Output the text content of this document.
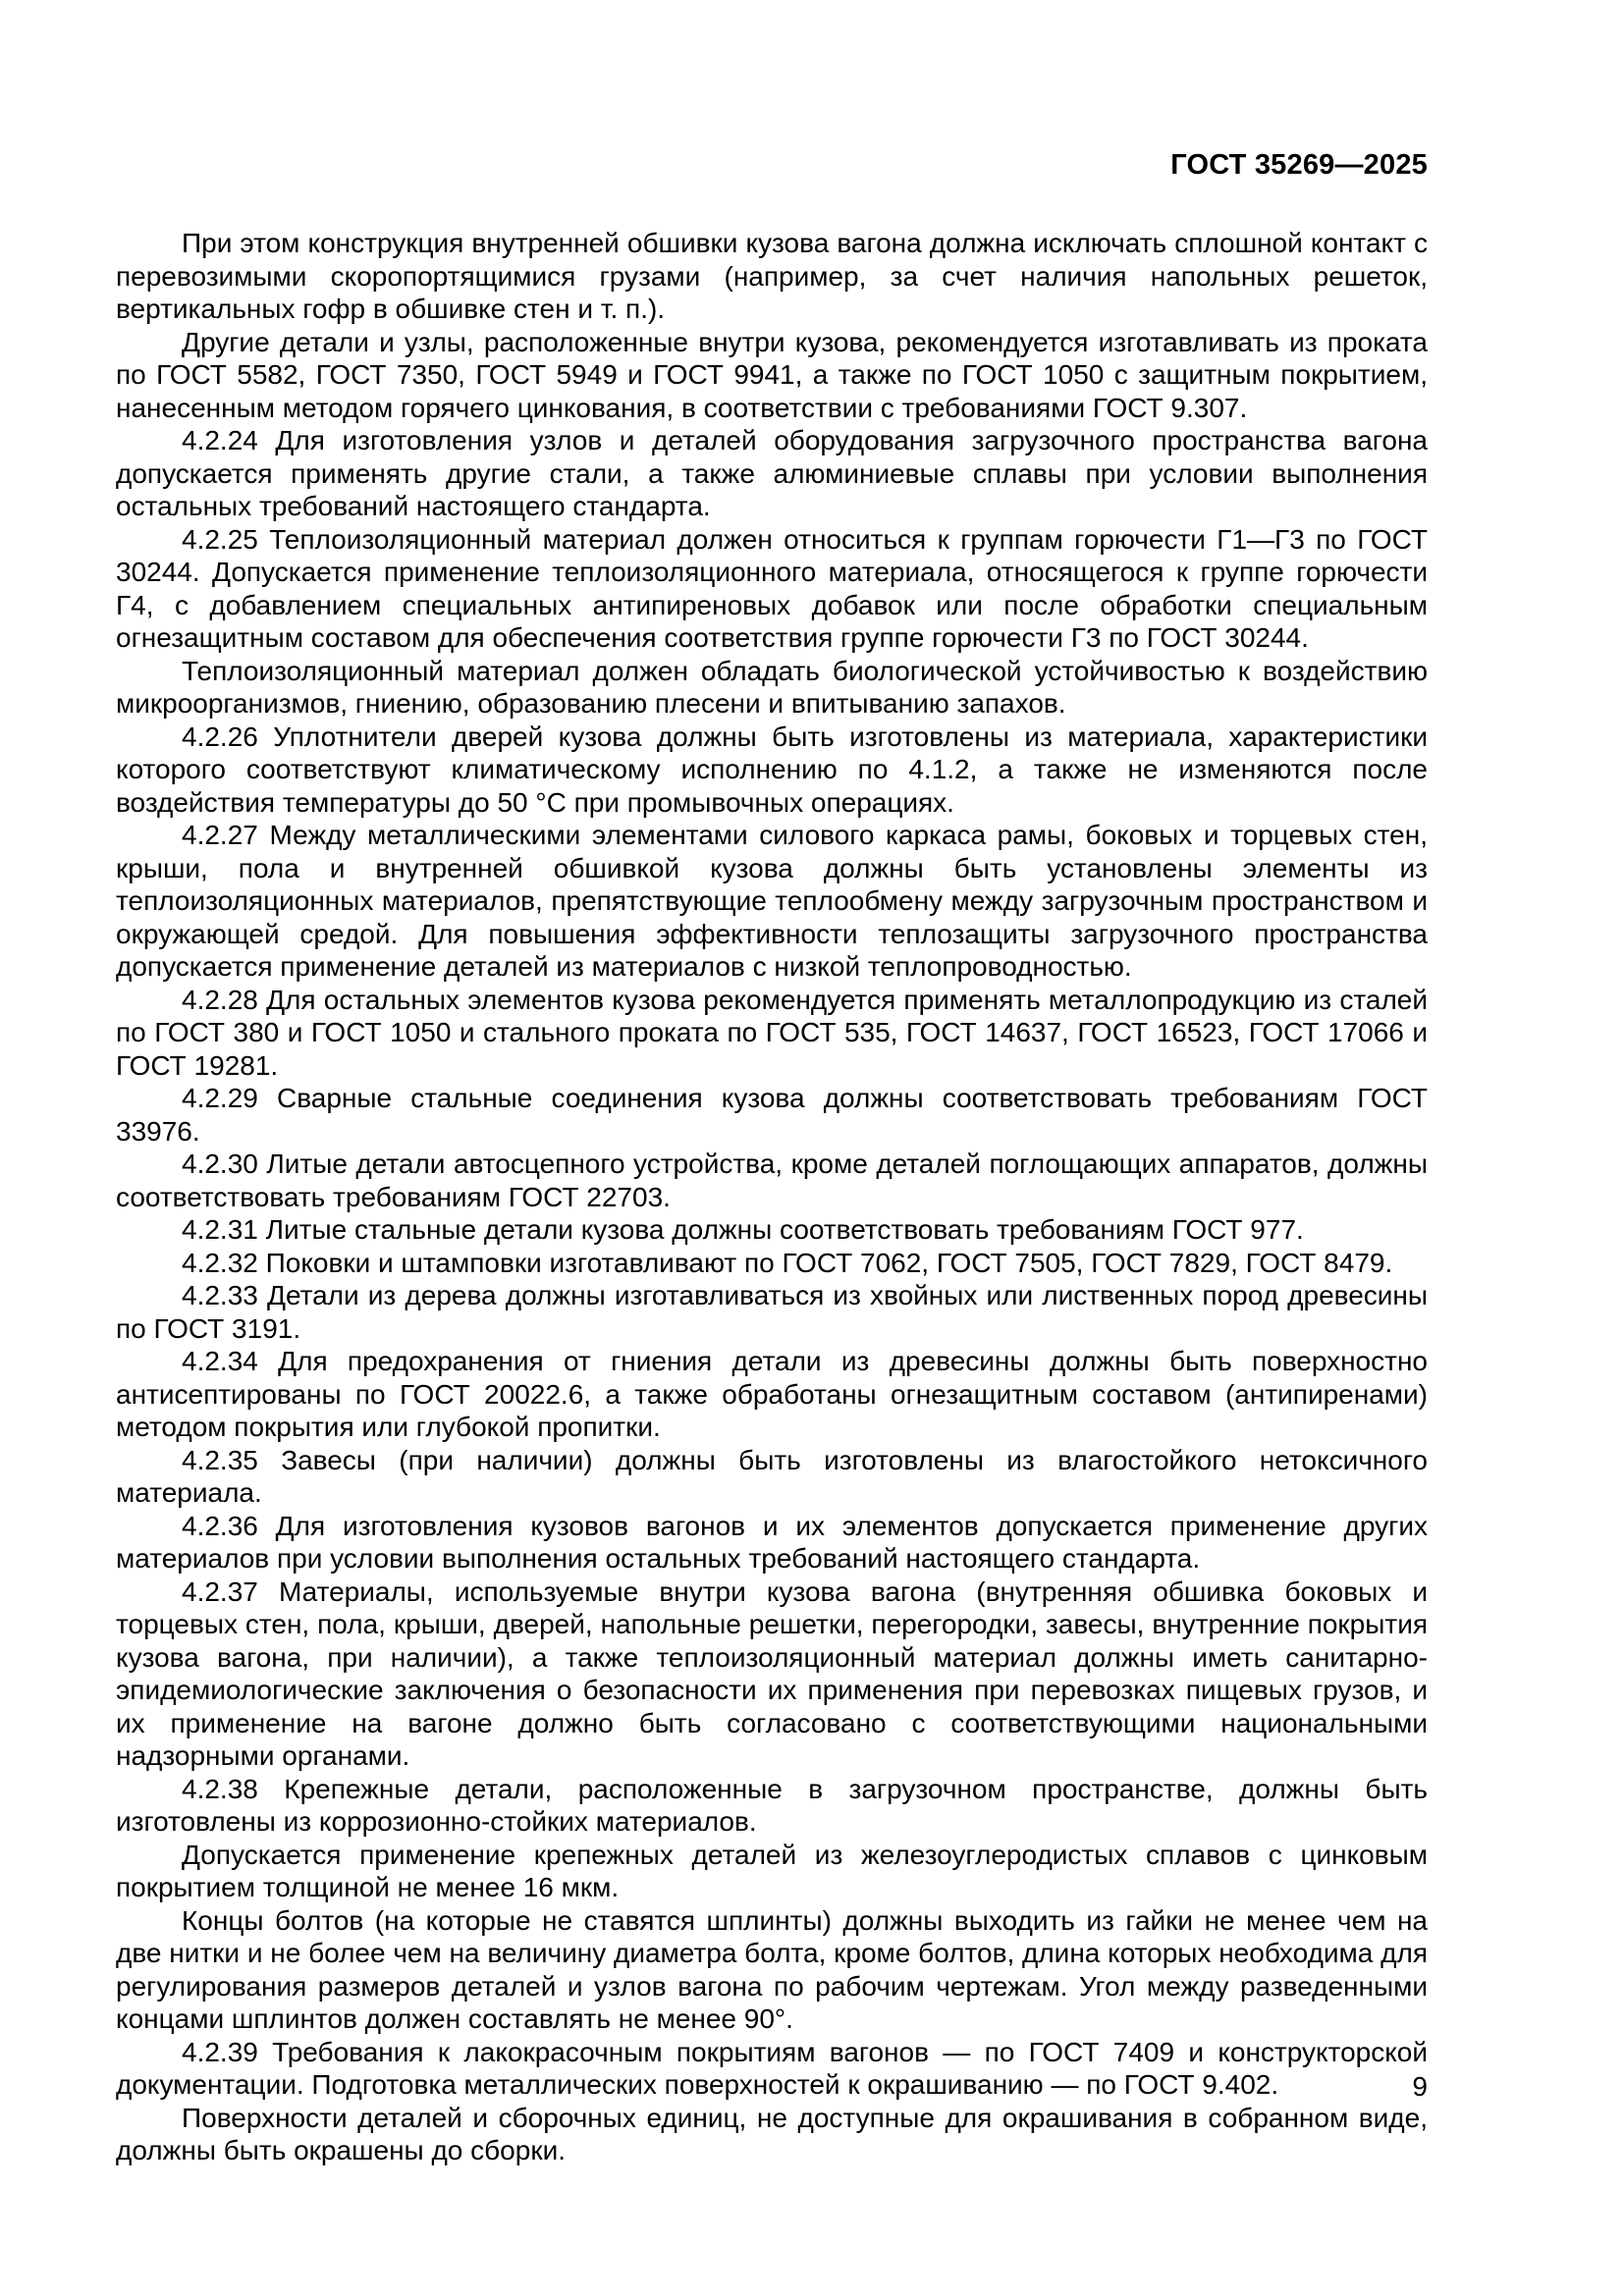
ГОСТ 35269—2025

При этом конструкция внутренней обшивки кузова вагона должна исключать сплошной контакт с перевозимыми скоропортящимися грузами (например, за счет наличия напольных решеток, вертикальных гофр в обшивке стен и т. п.).

Другие детали и узлы, расположенные внутри кузова, рекомендуется изготавливать из проката по ГОСТ 5582, ГОСТ 7350, ГОСТ 5949 и ГОСТ 9941, а также по ГОСТ 1050 с защитным покрытием, нанесенным методом горячего цинкования, в соответствии с требованиями ГОСТ 9.307.

4.2.24 Для изготовления узлов и деталей оборудования загрузочного пространства вагона допускается применять другие стали, а также алюминиевые сплавы при условии выполнения остальных требований настоящего стандарта.

4.2.25 Теплоизоляционный материал должен относиться к группам горючести Г1—Г3 по ГОСТ 30244. Допускается применение теплоизоляционного материала, относящегося к группе горючести Г4, с добавлением специальных антипиреновых добавок или после обработки специальным огнезащитным составом для обеспечения соответствия группе горючести Г3 по ГОСТ 30244.

Теплоизоляционный материал должен обладать биологической устойчивостью к воздействию микроорганизмов, гниению, образованию плесени и впитыванию запахов.

4.2.26 Уплотнители дверей кузова должны быть изготовлены из материала, характеристики которого соответствуют климатическому исполнению по 4.1.2, а также не изменяются после воздействия температуры до 50 °С при промывочных операциях.

4.2.27 Между металлическими элементами силового каркаса рамы, боковых и торцевых стен, крыши, пола и внутренней обшивкой кузова должны быть установлены элементы из теплоизоляционных материалов, препятствующие теплообмену между загрузочным пространством и окружающей средой. Для повышения эффективности теплозащиты загрузочного пространства допускается применение деталей из материалов с низкой теплопроводностью.

4.2.28 Для остальных элементов кузова рекомендуется применять металлопродукцию из сталей по ГОСТ 380 и ГОСТ 1050 и стального проката по ГОСТ 535, ГОСТ 14637, ГОСТ 16523, ГОСТ 17066 и ГОСТ 19281.

4.2.29 Сварные стальные соединения кузова должны соответствовать требованиям ГОСТ 33976.

4.2.30 Литые детали автосцепного устройства, кроме деталей поглощающих аппаратов, должны соответствовать требованиям ГОСТ 22703.

4.2.31 Литые стальные детали кузова должны соответствовать требованиям ГОСТ 977.

4.2.32 Поковки и штамповки изготавливают по ГОСТ 7062, ГОСТ 7505, ГОСТ 7829, ГОСТ 8479.

4.2.33 Детали из дерева должны изготавливаться из хвойных или лиственных пород древесины по ГОСТ 3191.

4.2.34 Для предохранения от гниения детали из древесины должны быть поверхностно антисептированы по ГОСТ 20022.6, а также обработаны огнезащитным составом (антипиренами) методом покрытия или глубокой пропитки.

4.2.35 Завесы (при наличии) должны быть изготовлены из влагостойкого нетоксичного материала.

4.2.36 Для изготовления кузовов вагонов и их элементов допускается применение других материалов при условии выполнения остальных требований настоящего стандарта.

4.2.37 Материалы, используемые внутри кузова вагона (внутренняя обшивка боковых и торцевых стен, пола, крыши, дверей, напольные решетки, перегородки, завесы, внутренние покрытия кузова вагона, при наличии), а также теплоизоляционный материал должны иметь санитарно-эпидемиологические заключения о безопасности их применения при перевозках пищевых грузов, и их применение на вагоне должно быть согласовано с соответствующими национальными надзорными органами.

4.2.38 Крепежные детали, расположенные в загрузочном пространстве, должны быть изготовлены из коррозионно-стойких материалов.

Допускается применение крепежных деталей из железоуглеродистых сплавов с цинковым покрытием толщиной не менее 16 мкм.

Концы болтов (на которые не ставятся шплинты) должны выходить из гайки не менее чем на две нитки и не более чем на величину диаметра болта, кроме болтов, длина которых необходима для регулирования размеров деталей и узлов вагона по рабочим чертежам. Угол между разведенными концами шплинтов должен составлять не менее 90°.

4.2.39 Требования к лакокрасочным покрытиям вагонов — по ГОСТ 7409 и конструкторской документации. Подготовка металлических поверхностей к окрашиванию — по ГОСТ 9.402.

Поверхности деталей и сборочных единиц, не доступные для окрашивания в собранном виде, должны быть окрашены до сборки.

9
